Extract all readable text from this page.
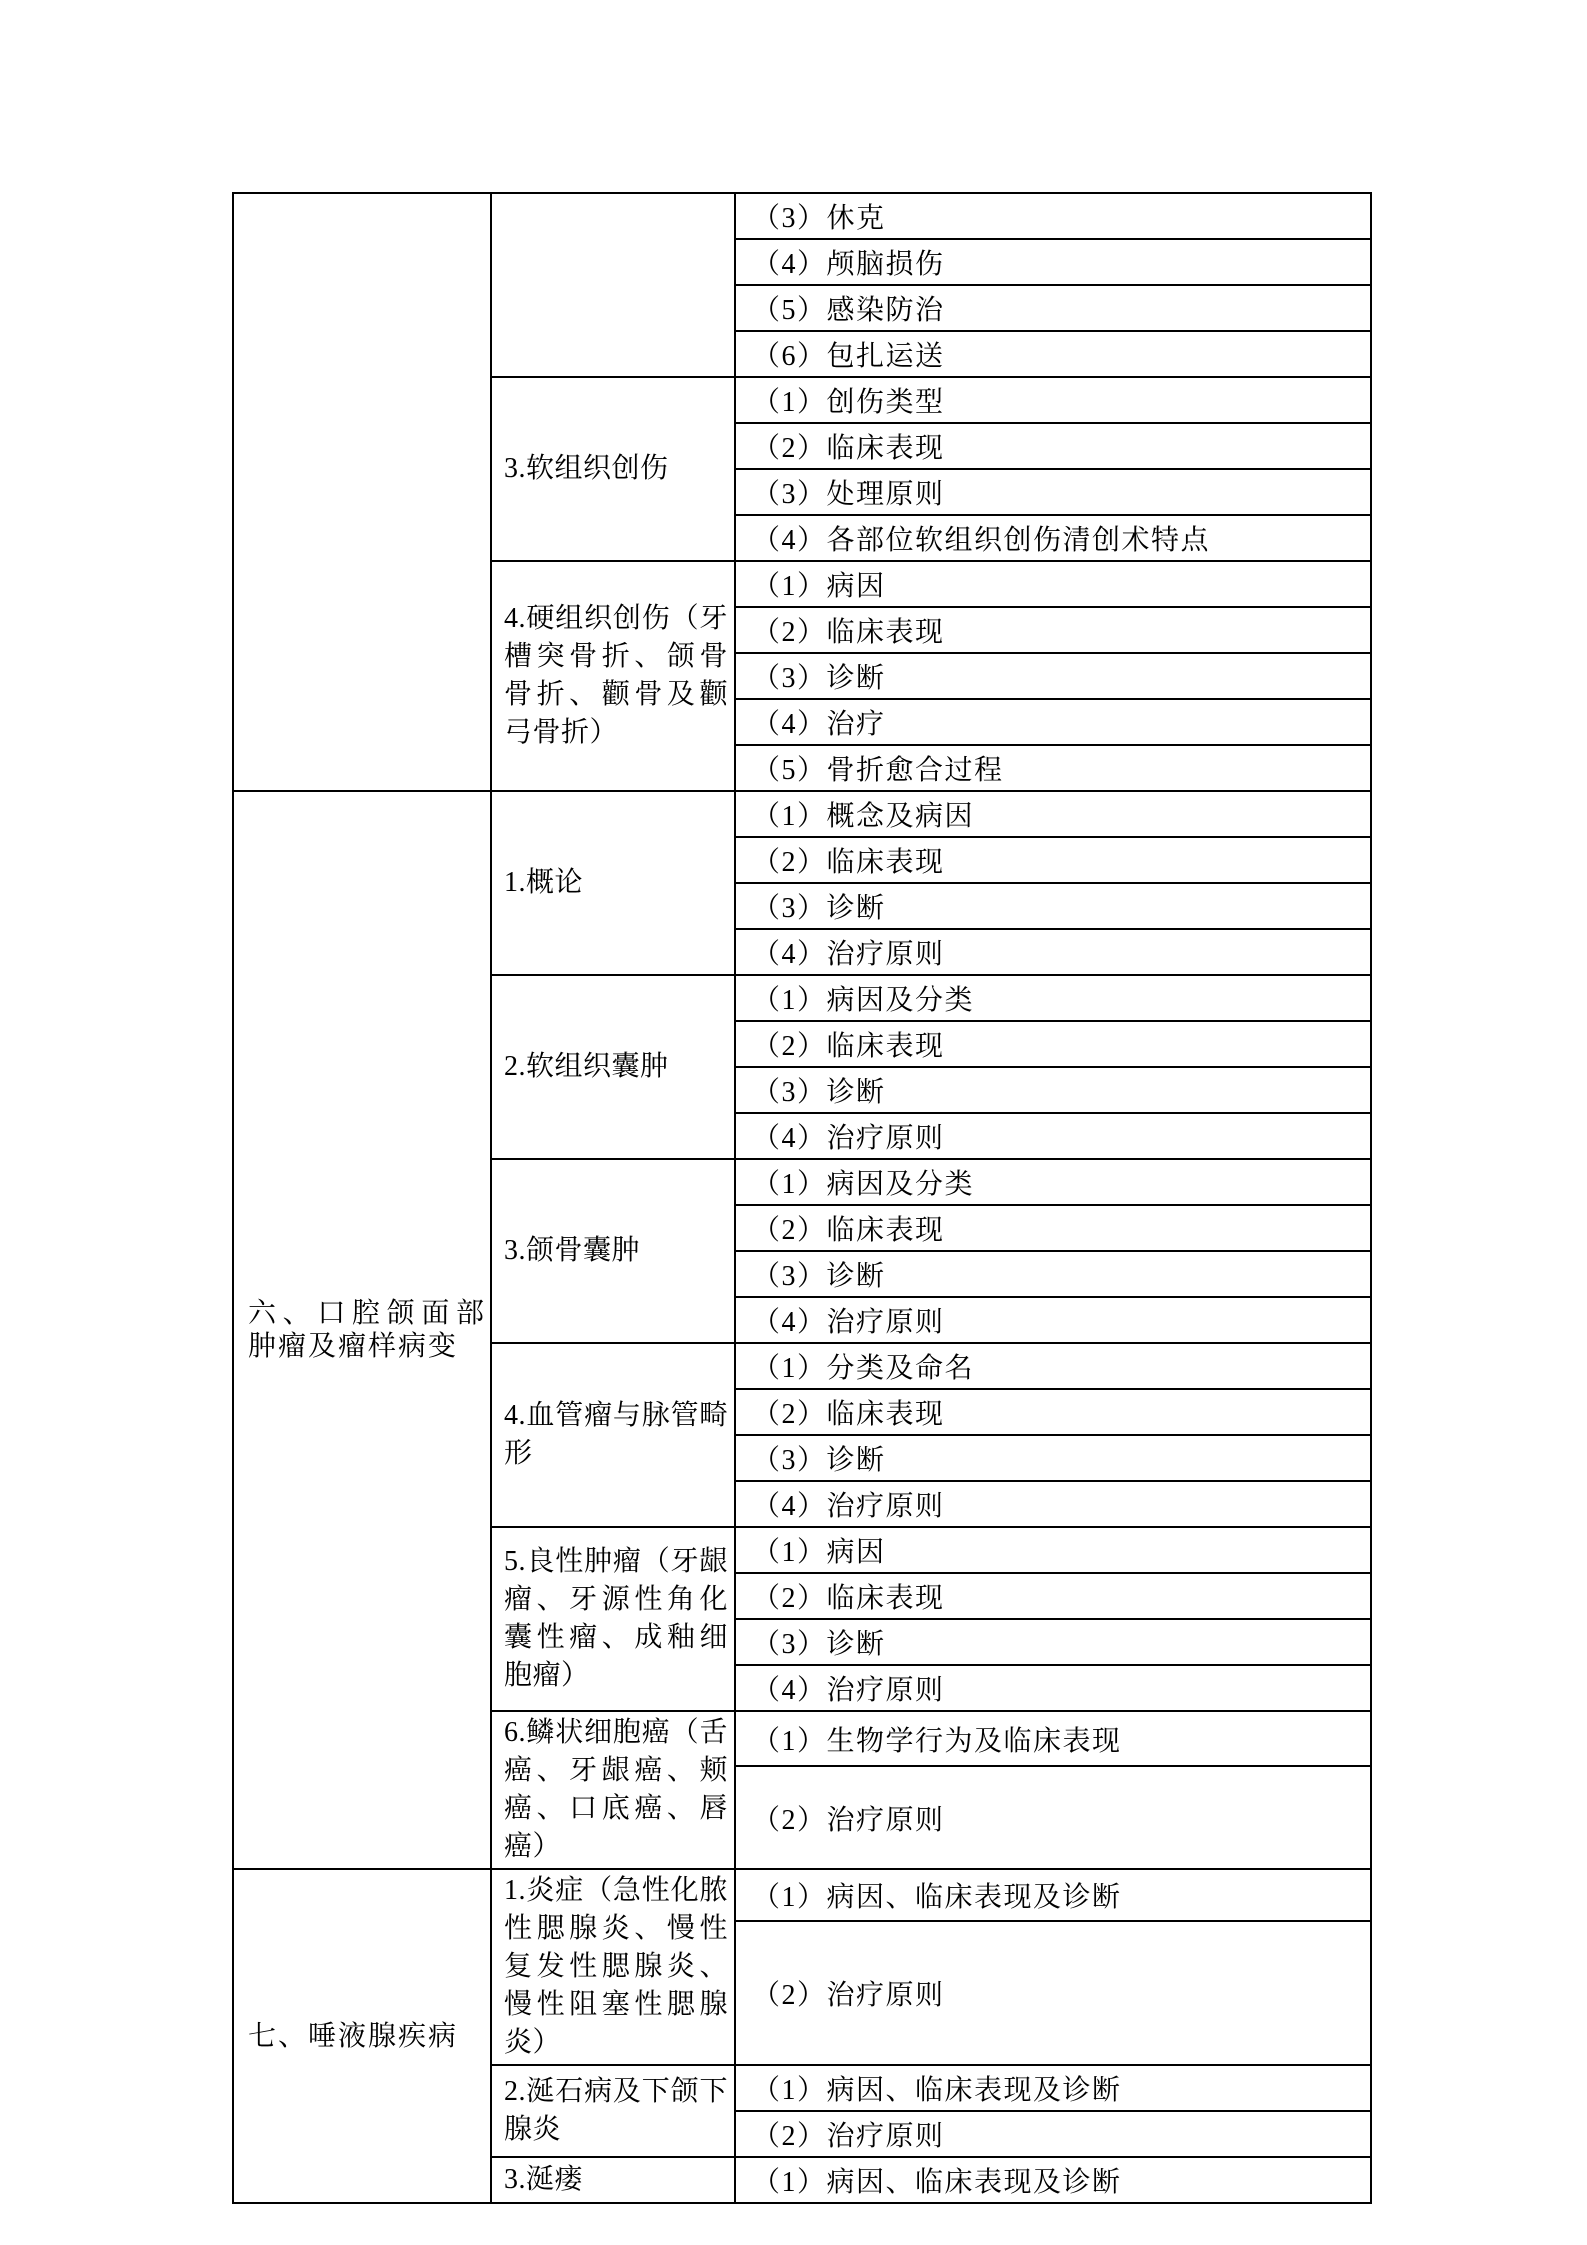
		（3）休克
		（4）颅脑损伤
		（5）感染防治
		（6）包扎运送
	3.软组织创伤	（1）创伤类型
		（2）临床表现
		（3）处理原则
		（4）各部位软组织创伤清创术特点
	4.硬组织创伤（牙槽突骨折、颌骨骨折、颧骨及颧弓骨折）	（1）病因
		（2）临床表现
		（3）诊断
		（4）治疗
		（5）骨折愈合过程
六、口腔颌面部肿瘤及瘤样病变	1.概论	（1）概念及病因
		（2）临床表现
		（3）诊断
		（4）治疗原则
	2.软组织囊肿	（1）病因及分类
		（2）临床表现
		（3）诊断
		（4）治疗原则
	3.颌骨囊肿	（1）病因及分类
		（2）临床表现
		（3）诊断
		（4）治疗原则
	4.血管瘤与脉管畸形	（1）分类及命名
		（2）临床表现
		（3）诊断
		（4）治疗原则
	5.良性肿瘤（牙龈瘤、牙源性角化囊性瘤、成釉细胞瘤）	（1）病因
		（2）临床表现
		（3）诊断
		（4）治疗原则
	6.鳞状细胞癌（舌癌、牙龈癌、颊癌、口底癌、唇癌）	（1）生物学行为及临床表现
		（2）治疗原则
七、唾液腺疾病	1.炎症（急性化脓性腮腺炎、慢性复发性腮腺炎、慢性阻塞性腮腺炎）	（1）病因、临床表现及诊断
		（2）治疗原则
	2.涎石病及下颌下腺炎	（1）病因、临床表现及诊断
		（2）治疗原则
	3.涎瘘	（1）病因、临床表现及诊断
